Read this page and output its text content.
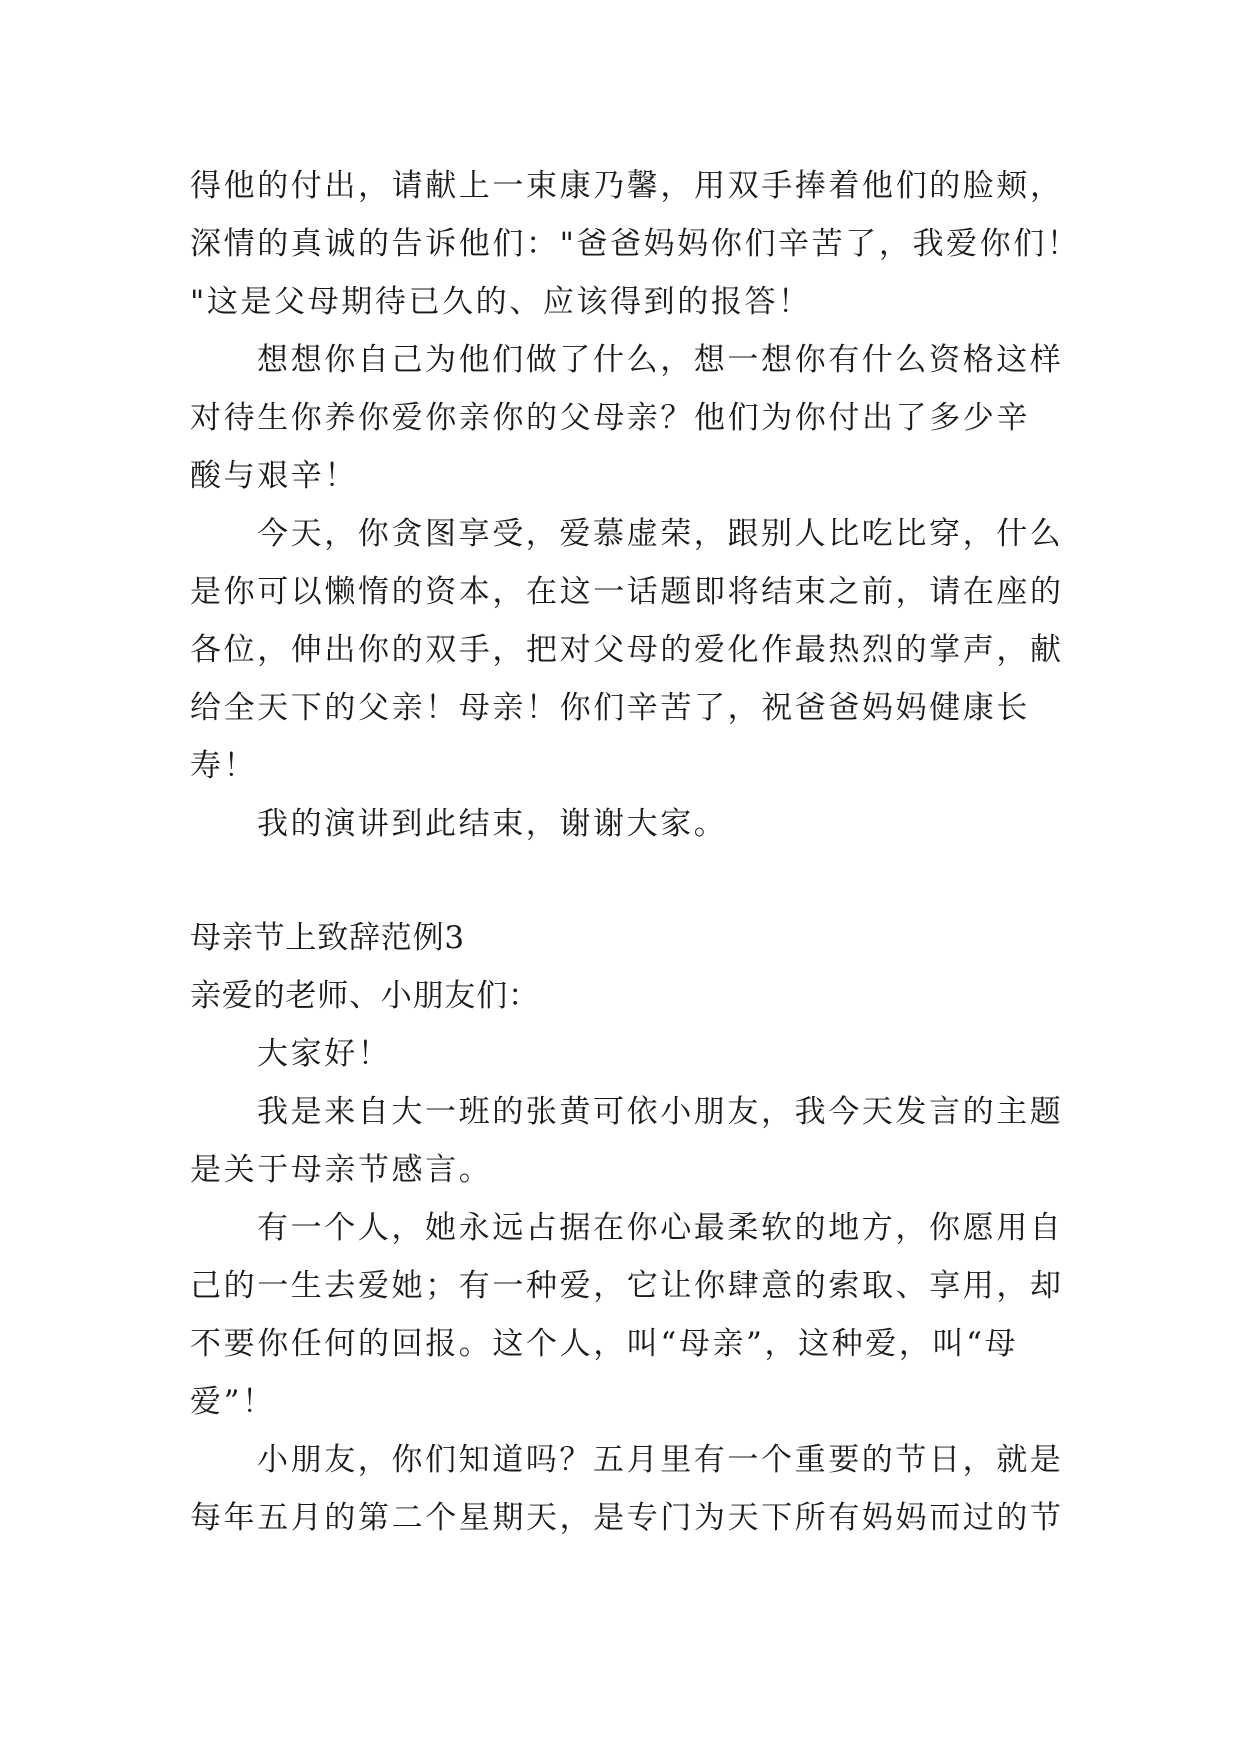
得他的付出，请献上一束康乃馨，用双手捧着他们的脸颊，
深情的真诚的告诉他们："爸爸妈妈你们辛苦了，我爱你们！
"这是父母期待已久的、应该得到的报答！
想想你自己为他们做了什么，想一想你有什么资格这样
对待生你养你爱你亲你的父母亲？他们为你付出了多少辛
酸与艰辛！
今天，你贪图享受，爱慕虚荣，跟别人比吃比穿，什么
是你可以懒惰的资本，在这一话题即将结束之前，请在座的
各位，伸出你的双手，把对父母的爱化作最热烈的掌声，献
给全天下的父亲！母亲！你们辛苦了，祝爸爸妈妈健康长
寿！
我的演讲到此结束，谢谢大家。
母亲节上致辞范例3
亲爱的老师、小朋友们：
大家好！
我是来自大一班的张黄可依小朋友，我今天发言的主题
是关于母亲节感言。
有一个人，她永远占据在你心最柔软的地方，你愿用自
己的一生去爱她；有一种爱，它让你肆意的索取、享用，却
不要你任何的回报。这个人，叫“母亲”，这种爱，叫“母
爱”！
小朋友，你们知道吗？五月里有一个重要的节日，就是
每年五月的第二个星期天，是专门为天下所有妈妈而过的节
